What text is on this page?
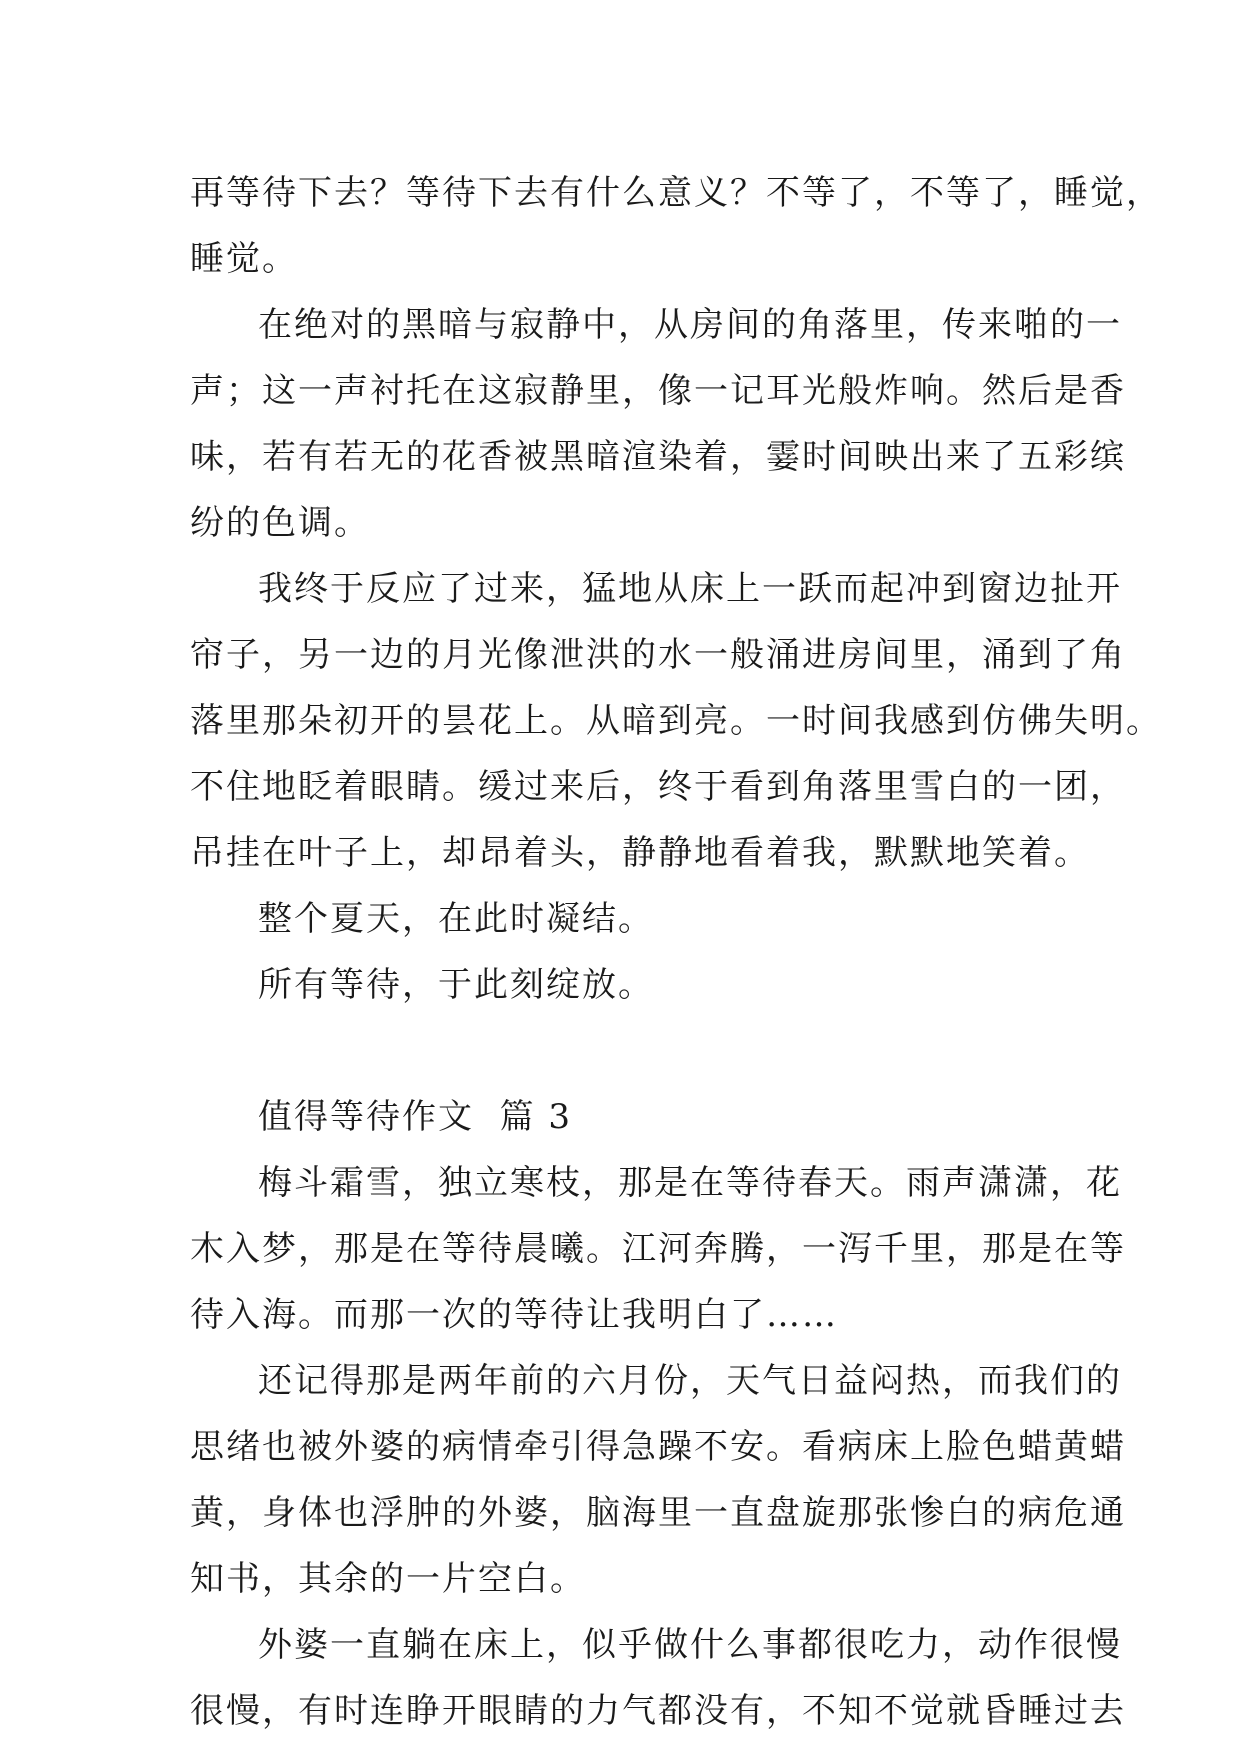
再等待下去？等待下去有什么意义？不等了，不等了，睡觉，
睡觉。
在绝对的黑暗与寂静中，从房间的角落里，传来啪的一
声；这一声衬托在这寂静里，像一记耳光般炸响。然后是香
味，若有若无的花香被黑暗渲染着，霎时间映出来了五彩缤
纷的色调。
我终于反应了过来，猛地从床上一跃而起冲到窗边扯开
帘子，另一边的月光像泄洪的水一般涌进房间里，涌到了角
落里那朵初开的昙花上。从暗到亮。一时间我感到仿佛失明。
不住地眨着眼睛。缓过来后，终于看到角落里雪白的一团，
吊挂在叶子上，却昂着头，静静地看着我，默默地笑着。
整个夏天，在此时凝结。
所有等待，于此刻绽放。
值得等待作文  篇 3
梅斗霜雪，独立寒枝，那是在等待春天。雨声潇潇，花
木入梦，那是在等待晨曦。江河奔腾，一泻千里，那是在等
待入海。而那一次的等待让我明白了……
还记得那是两年前的六月份，天气日益闷热，而我们的
思绪也被外婆的病情牵引得急躁不安。看病床上脸色蜡黄蜡
黄，身体也浮肿的外婆，脑海里一直盘旋那张惨白的病危通
知书，其余的一片空白。
外婆一直躺在床上，似乎做什么事都很吃力，动作很慢
很慢，有时连睁开眼睛的力气都没有，不知不觉就昏睡过去
